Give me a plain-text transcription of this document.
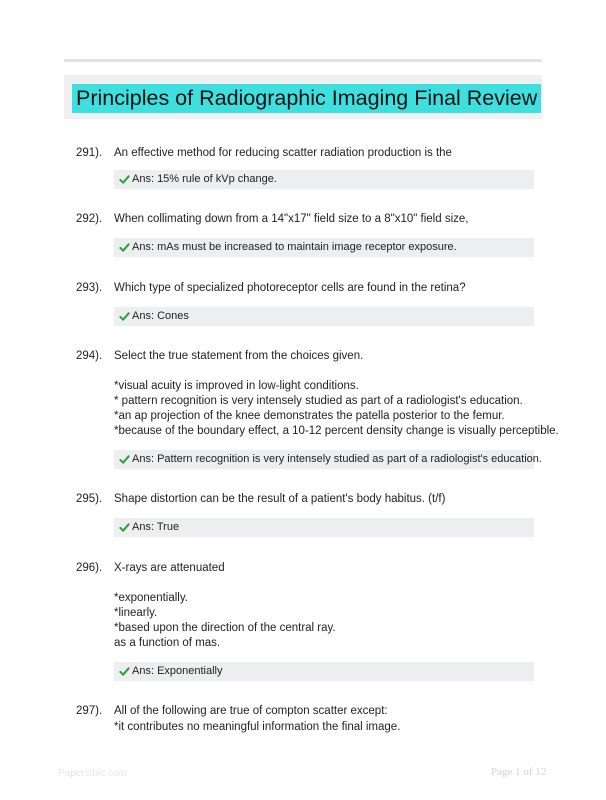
Principles of Radiographic Imaging Final Review
291). An effective method for reducing scatter radiation production is the
Ans: 15% rule of kVp change.
292). When collimating down from a 14"x17" field size to a 8"x10" field size,
Ans: mAs must be increased to maintain image receptor exposure.
293). Which type of specialized photoreceptor cells are found in the retina?
Ans: Cones
294). Select the true statement from the choices given.
*visual acuity is improved in low-light conditions.
* pattern recognition is very intensely studied as part of a radiologist's education.
*an ap projection of the knee demonstrates the patella posterior to the femur.
*because of the boundary effect, a 10-12 percent density change is visually perceptible.
Ans: Pattern recognition is very intensely studied as part of a radiologist's education.
295). Shape distortion can be the result of a patient's body habitus. (t/f)
Ans: True
296). X-rays are attenuated
*exponentially.
*linearly.
*based upon the direction of the central ray.
as a function of mas.
Ans: Exponentially
297). All of the following are true of compton scatter except:
*it contributes no meaningful information the final image.
Paperstbic.com	Page 1 of 12
